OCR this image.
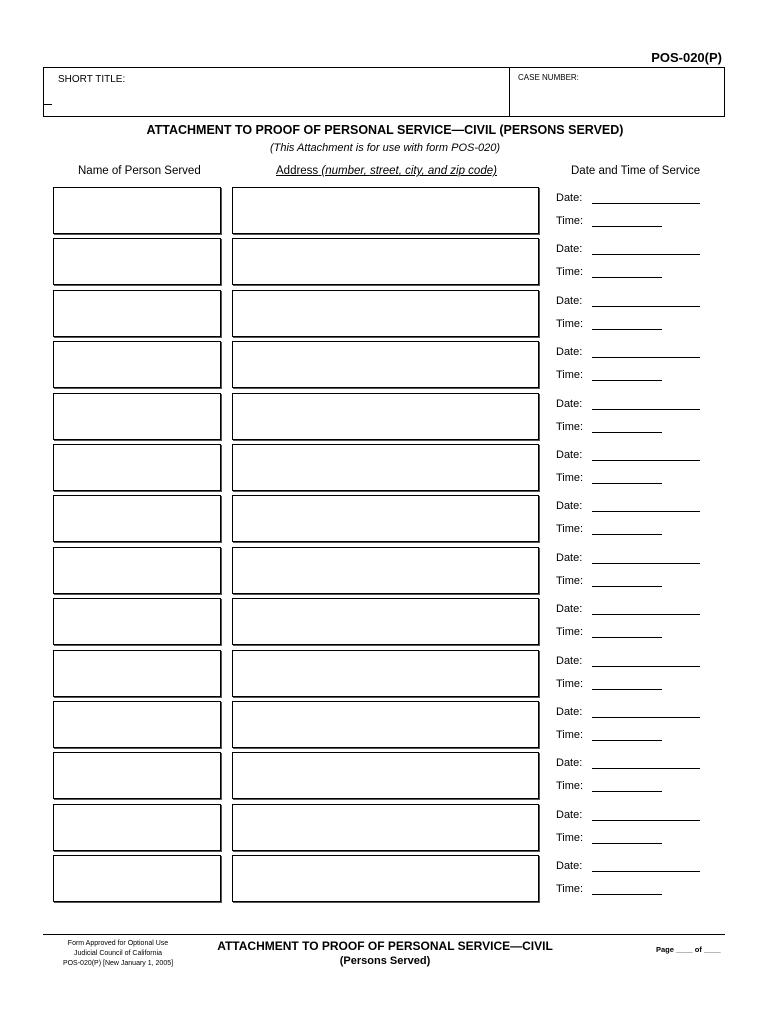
POS-020(P)
SHORT TITLE:	CASE NUMBER:
ATTACHMENT TO PROOF OF PERSONAL SERVICE—CIVIL (PERSONS SERVED)
(This Attachment is for use with form POS-020)
Name of Person Served	Address (number, street, city, and zip code)	Date and Time of Service
Date:
Time:
Date:
Time:
Date:
Time:
Date:
Time:
Date:
Time:
Date:
Time:
Date:
Time:
Date:
Time:
Date:
Time:
Date:
Time:
Date:
Time:
Date:
Time:
Date:
Time:
Date:
Time:
Form Approved for Optional Use
Judicial Council of California
POS-020(P) [New January 1, 2005]
ATTACHMENT TO PROOF OF PERSONAL SERVICE—CIVIL
(Persons Served)
Page ____ of ____
